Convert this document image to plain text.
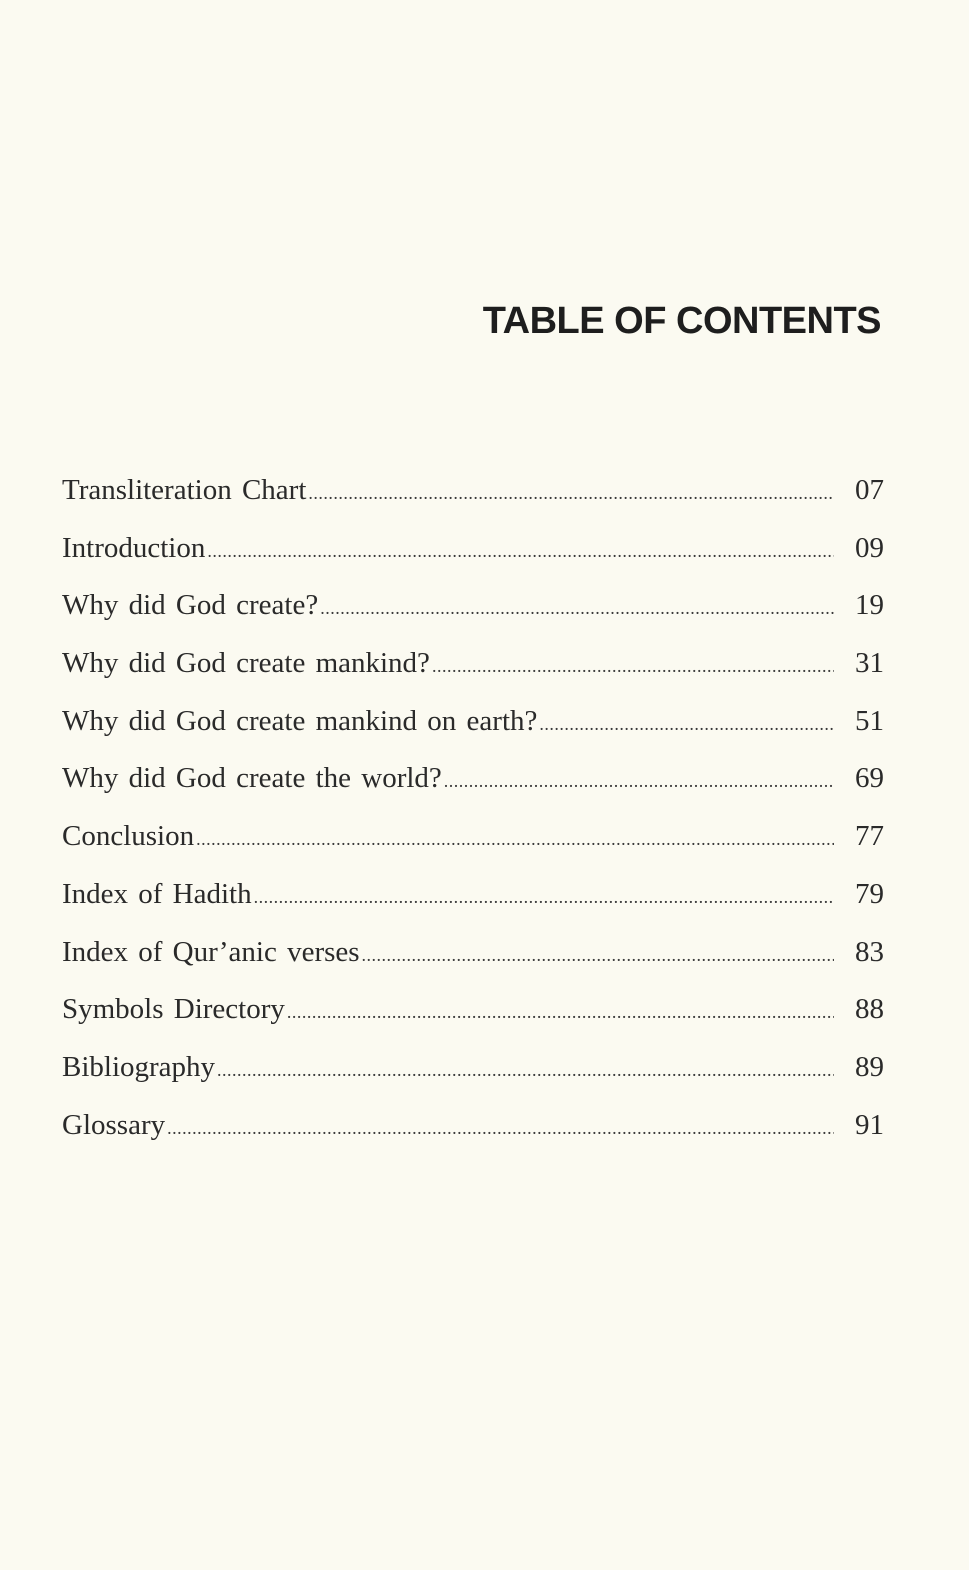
TABLE OF CONTENTS
Transliteration Chart .....	07
Introduction .....	09
Why did God create? .....	19
Why did God create mankind? .....	31
Why did God create mankind on earth? .....	51
Why did God create the world? .....	69
Conclusion .....	77
Index of Hadith .....	79
Index of Qur’anic verses .....	83
Symbols Directory .....	88
Bibliography .....	89
Glossary .....	91
